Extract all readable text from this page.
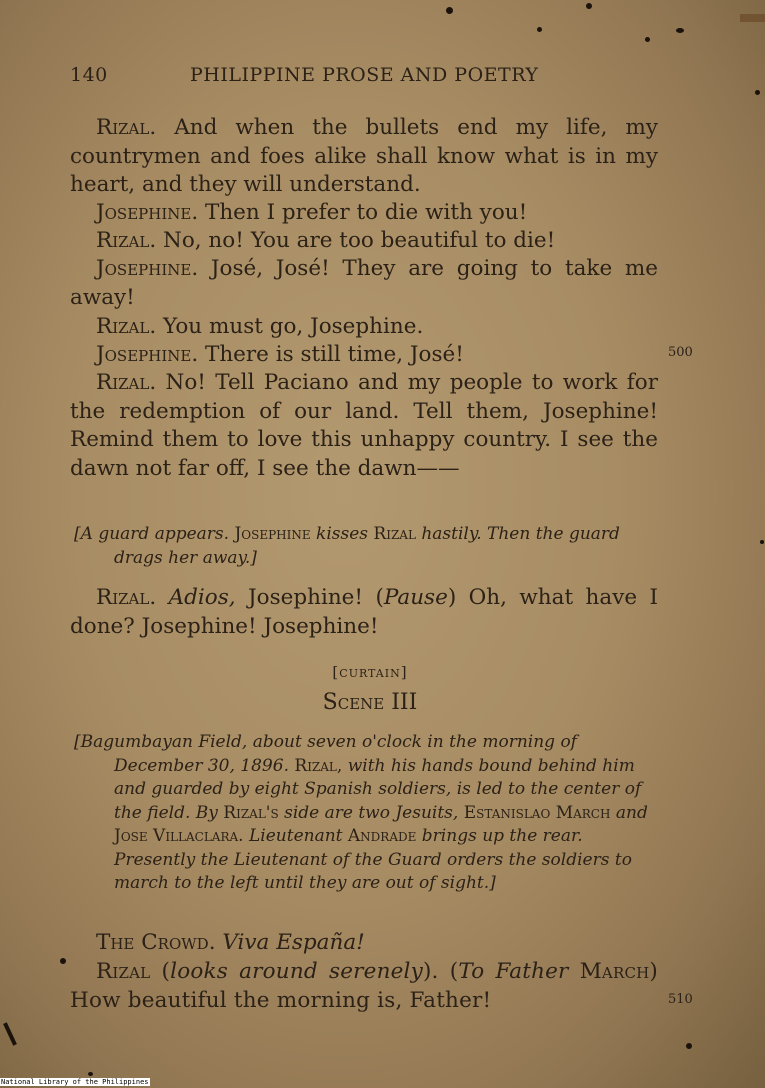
140	PHILIPPINE PROSE AND POETRY
Rizal. And when the bullets end my life, my countrymen and foes alike shall know what is in my heart, and they will understand.
Josephine. Then I prefer to die with you!
Rizal. No, no! You are too beautiful to die!
Josephine. José, José! They are going to take me away!
Rizal. You must go, Josephine.
Josephine. There is still time, José!	500
Rizal. No! Tell Paciano and my people to work for the redemption of our land. Tell them, Josephine! Remind them to love this unhappy country. I see the dawn not far off, I see the dawn——
[A guard appears. Josephine kisses Rizal hastily. Then the guard drags her away.]
Rizal. Adios, Josephine! (Pause) Oh, what have I done? Josephine! Josephine!
[curtain]
Scene III
[Bagumbayan Field, about seven o'clock in the morning of December 30, 1896. Rizal, with his hands bound behind him and guarded by eight Spanish soldiers, is led to the center of the field. By Rizal's side are two Jesuits, Estanislao March and Jose Villaclara. Lieutenant Andrade brings up the rear. Presently the Lieutenant of the Guard orders the soldiers to march to the left until they are out of sight.]
The Crowd. Viva España!
Rizal (looks around serenely). (To Father March) How beautiful the morning is, Father!	510
National Library of the Philippines
